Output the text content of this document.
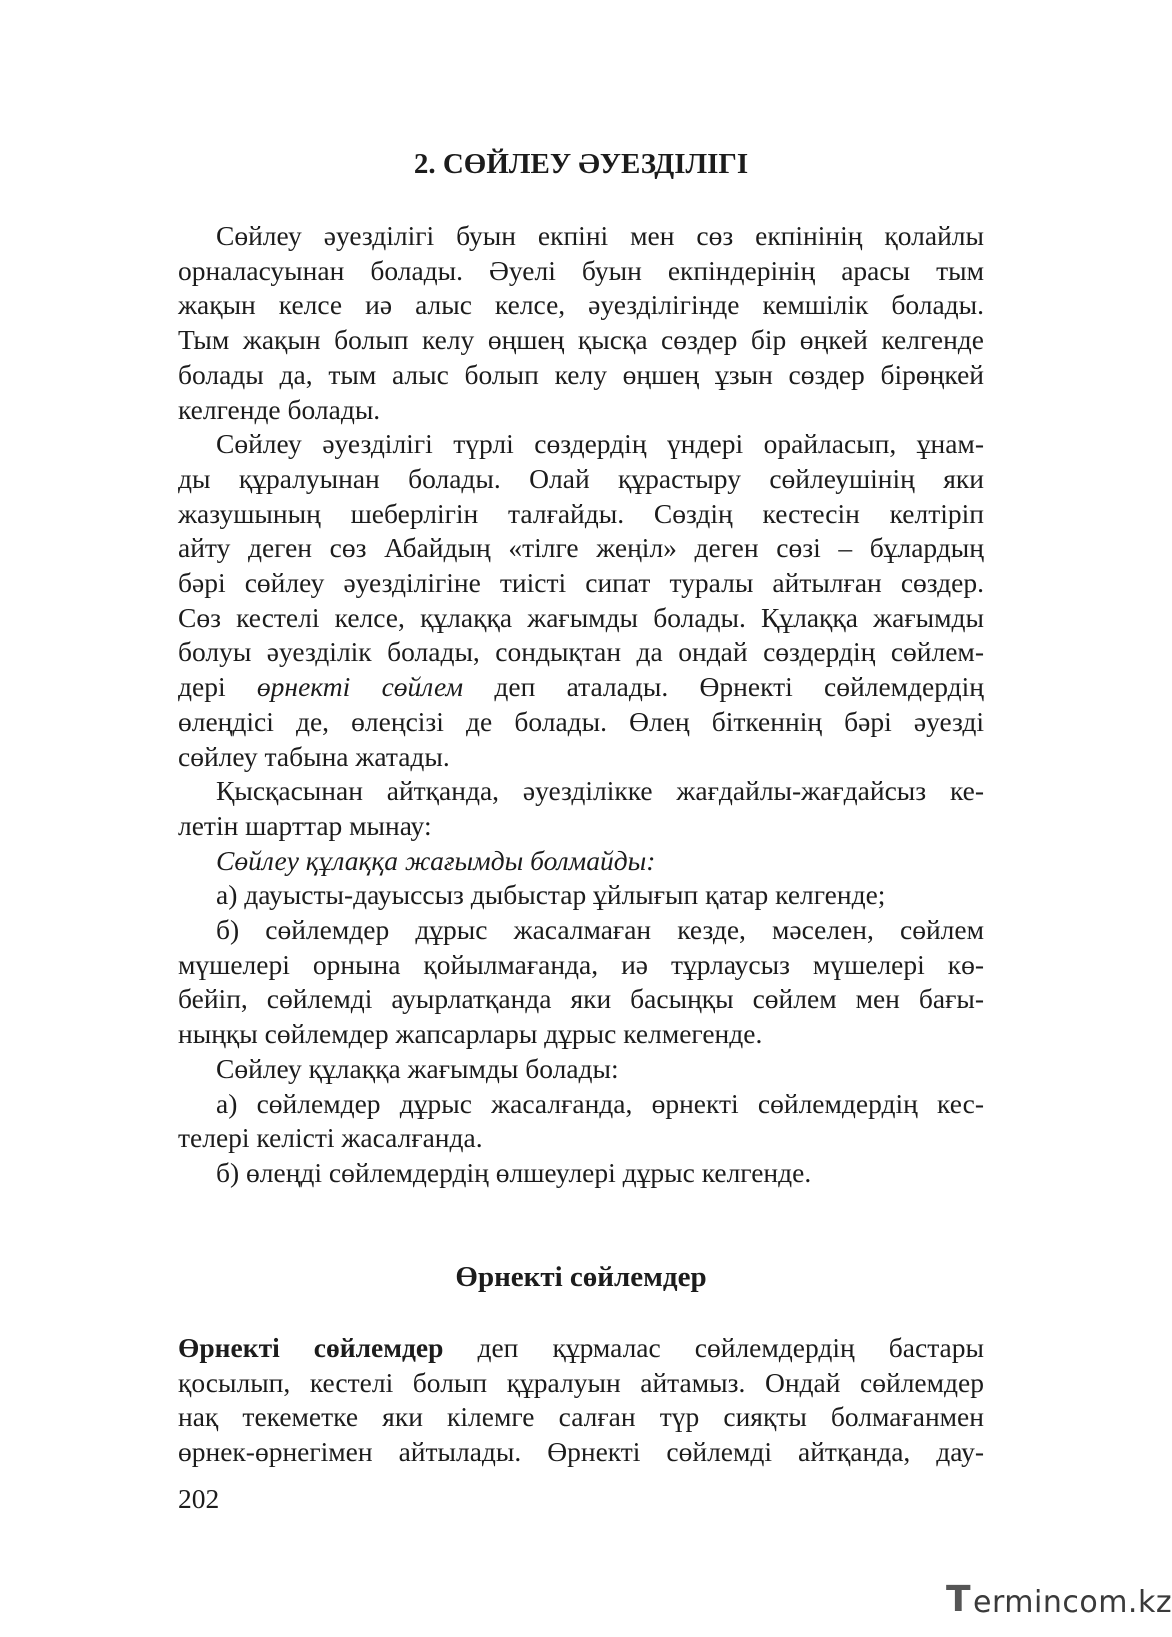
2. СӨЙЛЕУ ӘУЕЗДІЛІГІ

Сөйлеу әуезділігі буын екпіні мен сөз екпінінің қолайлы

орналасуынан болады. Әуелі буын екпіндерінің арасы тым

жақын келсе иә алыс келсе, әуезділігінде кемшілік болады.

Тым жақын болып келу өңшең қысқа сөздер бір өңкей келгенде

болады да, тым алыс болып келу өңшең ұзын сөздер бірөңкей

келгенде болады.

Сөйлеу әуезділігі түрлі сөздердің үндері орайласып, ұнам-

ды құралуынан болады. Олай құрастыру сөйлеушінің яки

жазушының шеберлігін талғайды. Сөздің кестесін келтіріп

айту деген сөз Абайдың «тілге жеңіл» деген сөзі – бұлардың

бәрі сөйлеу әуезділігіне тиісті сипат туралы айтылған сөздер.

Сөз кестелі келсе, құлаққа жағымды болады. Құлаққа жағымды

болуы әуезділік болады, сондықтан да ондай сөздердің сөйлем-

дері өрнекті сөйлем деп аталады. Өрнекті сөйлемдердің

өлеңдісі де, өлеңсізі де болады. Өлең біткеннің бәрі әуезді

сөйлеу табына жатады.

Қысқасынан айтқанда, әуезділікке жағдайлы-жағдайсыз ке-

летін шарттар мынау:

Сөйлеу құлаққа жағымды болмайды:

а) дауысты-дауыссыз дыбыстар ұйлығып қатар келгенде;

б) сөйлемдер дұрыс жасалмаған кезде, мәселен, сөйлем

мүшелері орнына қойылмағанда, иә тұрлаусыз мүшелері кө-

бейіп, сөйлемді ауырлатқанда яки басыңқы сөйлем мен бағы-

ныңқы сөйлемдер жапсарлары дұрыс келмегенде.

Сөйлеу құлаққа жағымды болады:

а) сөйлемдер дұрыс жасалғанда, өрнекті сөйлемдердің кес-

телері келісті жасалғанда.

б) өлеңді сөйлемдердің өлшеулері дұрыс келгенде.

Өрнекті сөйлемдер

Өрнекті сөйлемдер деп құрмалас сөйлемдердің бастары

қосылып, кестелі болып құралуын айтамыз. Ондай сөйлемдер

нақ текеметке яки кілемге салған түр сияқты болмағанмен

өрнек-өрнегімен айтылады. Өрнекті сөйлемді айтқанда, дау-

202
T ermincom.kz
